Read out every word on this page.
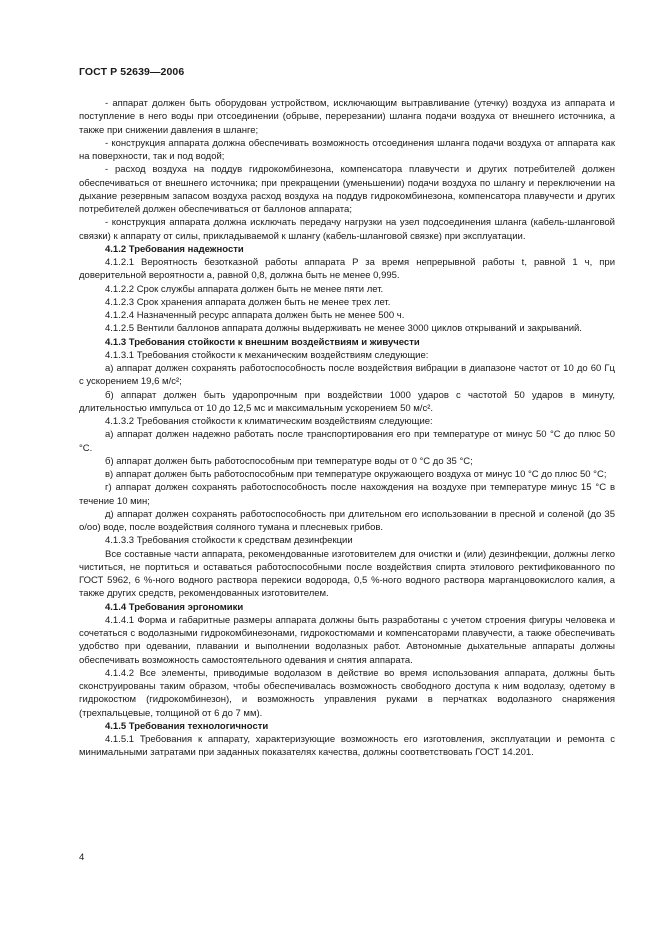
ГОСТ Р 52639—2006

- аппарат должен быть оборудован устройством, исключающим вытравливание (утечку) воздуха из аппарата и поступление в него воды при отсоединении (обрыве, перерезании) шланга подачи воздуха от внешнего источника, а также при снижении давления в шланге;

- конструкция аппарата должна обеспечивать возможность отсоединения шланга подачи воздуха от аппарата как на поверхности, так и под водой;

- расход воздуха на поддув гидрокомбинезона, компенсатора плавучести и других потребителей должен обеспечиваться от внешнего источника; при прекращении (уменьшении) подачи воздуха по шлангу и переключении на дыхание резервным запасом воздуха расход воздуха на поддув гидрокомбинезона, компенсатора плавучести и других потребителей должен обеспечиваться от баллонов аппарата;

- конструкция аппарата должна исключать передачу нагрузки на узел подсоединения шланга (кабель-шланговой связки) к аппарату от силы, прикладываемой к шлангу (кабель-шланговой связке) при эксплуатации.

4.1.2 Требования надежности

4.1.2.1 Вероятность безотказной работы аппарата P за время непрерывной работы t, равной 1 ч, при доверительной вероятности a, равной 0,8, должна быть не менее 0,995.

4.1.2.2 Срок службы аппарата должен быть не менее пяти лет.

4.1.2.3 Срок хранения аппарата должен быть не менее трех лет.

4.1.2.4 Назначенный ресурс аппарата должен быть не менее 500 ч.

4.1.2.5 Вентили баллонов аппарата должны выдерживать не менее 3000 циклов открываний и закрываний.

4.1.3 Требования стойкости к внешним воздействиям и живучести

4.1.3.1 Требования стойкости к механическим воздействиям следующие:

а) аппарат должен сохранять работоспособность после воздействия вибрации в диапазоне частот от 10 до 60 Гц с ускорением 19,6 м/с²;

б) аппарат должен быть ударопрочным при воздействии 1000 ударов с частотой 50 ударов в минуту, длительностью импульса от 10 до 12,5 мс и максимальным ускорением 50 м/с².

4.1.3.2 Требования стойкости к климатическим воздействиям следующие:

а) аппарат должен надежно работать после транспортирования его при температуре от минус 50 °С до плюс 50 °С.

б) аппарат должен быть работоспособным при температуре воды от 0 °С до 35 °С;

в) аппарат должен быть работоспособным при температуре окружающего воздуха от минус 10 °С до плюс 50 °С;

г) аппарат должен сохранять работоспособность после нахождения на воздухе при температуре минус 15 °С в течение 10 мин;

д) аппарат должен сохранять работоспособность при длительном его использовании в пресной и соленой (до 35 о/оо) воде, после воздействия соляного тумана и плесневых грибов.

4.1.3.3 Требования стойкости к средствам дезинфекции

Все составные части аппарата, рекомендованные изготовителем для очистки и (или) дезинфекции, должны легко чиститься, не портиться и оставаться работоспособными после воздействия спирта этилового ректификованного по ГОСТ 5962, 6 %-ного водного раствора перекиси водорода, 0,5 %-ного водного раствора марганцовокислого калия, а также других средств, рекомендованных изготовителем.

4.1.4 Требования эргономики

4.1.4.1 Форма и габаритные размеры аппарата должны быть разработаны с учетом строения фигуры человека и сочетаться с водолазными гидрокомбинезонами, гидрокостюмами и компенсаторами плавучести, а также обеспечивать удобство при одевании, плавании и выполнении водолазных работ. Автономные дыхательные аппараты должны обеспечивать возможность самостоятельного одевания и снятия аппарата.

4.1.4.2 Все элементы, приводимые водолазом в действие во время использования аппарата, должны быть сконструированы таким образом, чтобы обеспечивалась возможность свободного доступа к ним водолазу, одетому в гидрокостюм (гидрокомбинезон), и возможность управления руками в перчатках водолазного снаряжения (трехпальцевые, толщиной от 6 до 7 мм).

4.1.5 Требования технологичности

4.1.5.1 Требования к аппарату, характеризующие возможность его изготовления, эксплуатации и ремонта с минимальными затратами при заданных показателях качества, должны соответствовать ГОСТ 14.201.

4
